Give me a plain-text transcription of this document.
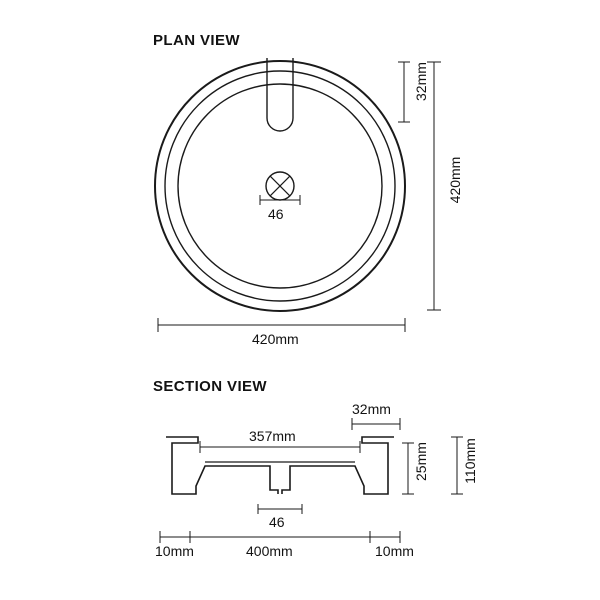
PLAN VIEW
SECTION VIEW
32mm
420mm
420mm
46
32mm
357mm
25mm 110mm
46
10mm	400mm	10mm
